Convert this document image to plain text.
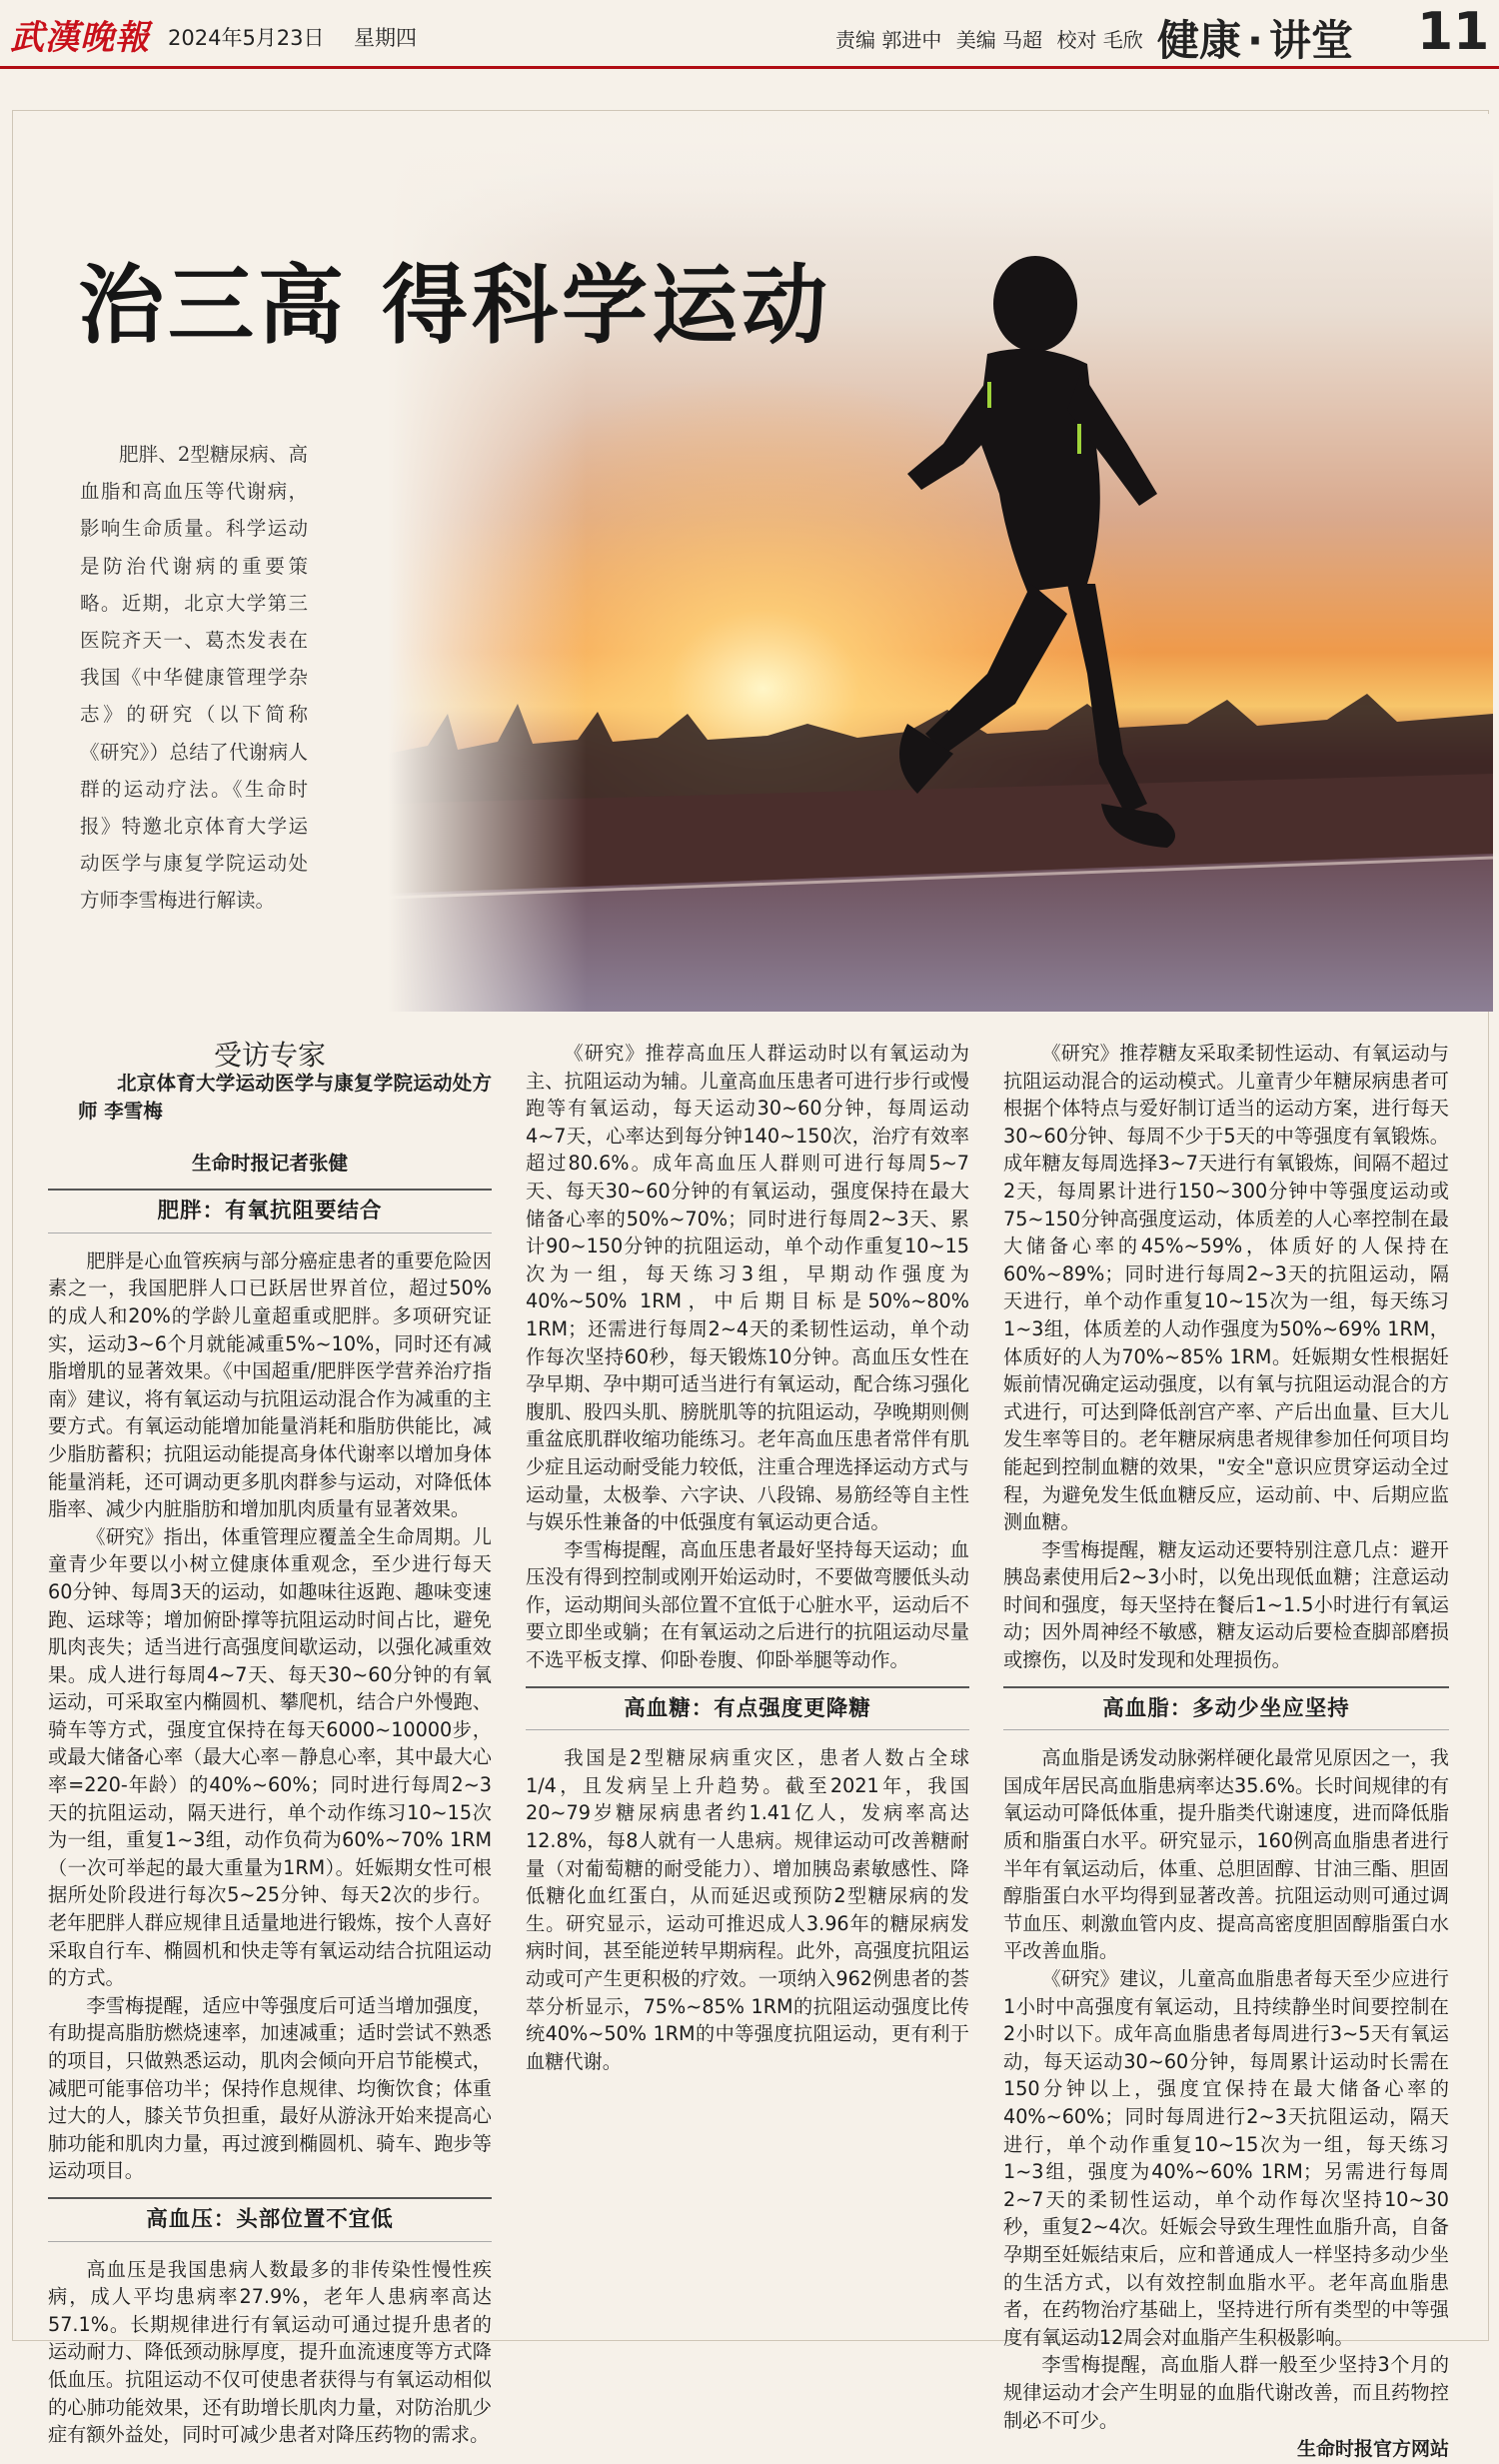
武漢晚報 2024年5月23日 星期四	责编 郭进中 美编 马超 校对 毛欣 健康 · 讲堂 11
治三高 得科学运动
肥胖、2型糖尿病、高血脂和高血压等代谢病，影响生命质量。科学运动是防治代谢病的重要策略。近期，北京大学第三医院齐天一、葛杰发表在我国《中华健康管理学杂志》的研究（以下简称《研究》）总结了代谢病人群的运动疗法。《生命时报》特邀北京体育大学运动医学与康复学院运动处方师李雪梅进行解读。
受访专家

北京体育大学运动医学与康复学院运动处方师 李雪梅

生命时报记者张健
肥胖：有氧抗阻要结合

肥胖是心血管疾病与部分癌症患者的重要危险因素之一，我国肥胖人口已跃居世界首位，超过50%的成人和20%的学龄儿童超重或肥胖。多项研究证实，运动3~6个月就能减重5%~10%，同时还有减脂增肌的显著效果。《中国超重/肥胖医学营养治疗指南》建议，将有氧运动与抗阻运动混合作为减重的主要方式。有氧运动能增加能量消耗和脂肪供能比，减少脂肪蓄积；抗阻运动能提高身体代谢率以增加身体能量消耗，还可调动更多肌肉群参与运动，对降低体脂率、减少内脏脂肪和增加肌肉质量有显著效果。

《研究》指出，体重管理应覆盖全生命周期。儿童青少年要以小树立健康体重观念，至少进行每天60分钟、每周3天的运动，如趣味往返跑、趣味变速跑、运球等；增加俯卧撑等抗阻运动时间占比，避免肌肉丧失；适当进行高强度间歇运动，以强化减重效果。成人进行每周4~7天、每天30~60分钟的有氧运动，可采取室内椭圆机、攀爬机，结合户外慢跑、骑车等方式，强度宜保持在每天6000~10000步，或最大储备心率（最大心率－静息心率，其中最大心率=220-年龄）的40%~60%；同时进行每周2~3天的抗阻运动，隔天进行，单个动作练习10~15次为一组，重复1~3组，动作负荷为60%~70% 1RM（一次可举起的最大重量为1RM）。妊娠期女性可根据所处阶段进行每次5~25分钟、每天2次的步行。老年肥胖人群应规律且适量地进行锻炼，按个人喜好采取自行车、椭圆机和快走等有氧运动结合抗阻运动的方式。

李雪梅提醒，适应中等强度后可适当增加强度，有助提高脂肪燃烧速率，加速减重；适时尝试不熟悉的项目，只做熟悉运动，肌肉会倾向开启节能模式，减肥可能事倍功半；保持作息规律、均衡饮食；体重过大的人，膝关节负担重，最好从游泳开始来提高心肺功能和肌肉力量，再过渡到椭圆机、骑车、跑步等运动项目。

高血压：头部位置不宜低

高血压是我国患病人数最多的非传染性慢性疾病，成人平均患病率27.9%，老年人患病率高达57.1%。长期规律进行有氧运动可通过提升患者的运动耐力、降低颈动脉厚度，提升血流速度等方式降低血压。抗阻运动不仅可使患者获得与有氧运动相似的心肺功能效果，还有助增长肌肉力量，对防治肌少症有额外益处，同时可减少患者对降压药物的需求。

《研究》推荐高血压人群运动时以有氧运动为主、抗阻运动为辅。儿童高血压患者可进行步行或慢跑等有氧运动，每天运动30~60分钟，每周运动4~7天，心率达到每分钟140~150次，治疗有效率超过80.6%。成年高血压人群则可进行每周5~7天、每天30~60分钟的有氧运动，强度保持在最大储备心率的50%~70%；同时进行每周2~3天、累计90~150分钟的抗阻运动，单个动作重复10~15次为一组，每天练习3组，早期动作强度为40%~50% 1RM，中后期目标是50%~80% 1RM；还需进行每周2~4天的柔韧性运动，单个动作每次坚持60秒，每天锻炼10分钟。高血压女性在孕早期、孕中期可适当进行有氧运动，配合练习强化腹肌、股四头肌、膀胱肌等的抗阻运动，孕晚期则侧重盆底肌群收缩功能练习。老年高血压患者常伴有肌少症且运动耐受能力较低，注重合理选择运动方式与运动量，太极拳、六字诀、八段锦、易筋经等自主性与娱乐性兼备的中低强度有氧运动更合适。

李雪梅提醒，高血压患者最好坚持每天运动；血压没有得到控制或刚开始运动时，不要做弯腰低头动作，运动期间头部位置不宜低于心脏水平，运动后不要立即坐或躺；在有氧运动之后进行的抗阻运动尽量不选平板支撑、仰卧卷腹、仰卧举腿等动作。

高血糖：有点强度更降糖

我国是2型糖尿病重灾区，患者人数占全球1/4，且发病呈上升趋势。截至2021年，我国20~79岁糖尿病患者约1.41亿人，发病率高达12.8%，每8人就有一人患病。规律运动可改善糖耐量（对葡萄糖的耐受能力）、增加胰岛素敏感性、降低糖化血红蛋白，从而延迟或预防2型糖尿病的发生。研究显示，运动可推迟成人3.96年的糖尿病发病时间，甚至能逆转早期病程。此外，高强度抗阻运动或可产生更积极的疗效。一项纳入962例患者的荟萃分析显示，75%~85% 1RM的抗阻运动强度比传统40%~50% 1RM的中等强度抗阻运动，更有利于血糖代谢。

《研究》推荐糖友采取柔韧性运动、有氧运动与抗阻运动混合的运动模式。儿童青少年糖尿病患者可根据个体特点与爱好制订适当的运动方案，进行每天30~60分钟、每周不少于5天的中等强度有氧锻炼。成年糖友每周选择3~7天进行有氧锻炼，间隔不超过2天，每周累计进行150~300分钟中等强度运动或75~150分钟高强度运动，体质差的人心率控制在最大储备心率的45%~59%，体质好的人保持在60%~89%；同时进行每周2~3天的抗阻运动，隔天进行，单个动作重复10~15次为一组，每天练习1~3组，体质差的人动作强度为50%~69% 1RM，体质好的人为70%~85% 1RM。妊娠期女性根据妊娠前情况确定运动强度，以有氧与抗阻运动混合的方式进行，可达到降低剖宫产率、产后出血量、巨大儿发生率等目的。老年糖尿病患者规律参加任何项目均能起到控制血糖的效果，"安全"意识应贯穿运动全过程，为避免发生低血糖反应，运动前、中、后期应监测血糖。

李雪梅提醒，糖友运动还要特别注意几点：避开胰岛素使用后2~3小时，以免出现低血糖；注意运动时间和强度，每天坚持在餐后1~1.5小时进行有氧运动；因外周神经不敏感，糖友运动后要检查脚部磨损或擦伤，以及时发现和处理损伤。

高血脂：多动少坐应坚持

高血脂是诱发动脉粥样硬化最常见原因之一，我国成年居民高血脂患病率达35.6%。长时间规律的有氧运动可降低体重，提升脂类代谢速度，进而降低脂质和脂蛋白水平。研究显示，160例高血脂患者进行半年有氧运动后，体重、总胆固醇、甘油三酯、胆固醇脂蛋白水平均得到显著改善。抗阻运动则可通过调节血压、刺激血管内皮、提高高密度胆固醇脂蛋白水平改善血脂。

《研究》建议，儿童高血脂患者每天至少应进行1小时中高强度有氧运动，且持续静坐时间要控制在2小时以下。成年高血脂患者每周进行3~5天有氧运动，每天运动30~60分钟，每周累计运动时长需在150分钟以上，强度宜保持在最大储备心率的40%~60%；同时每周进行2~3天抗阻运动，隔天进行，单个动作重复10~15次为一组，每天练习1~3组，强度为40%~60% 1RM；另需进行每周2~7天的柔韧性运动，单个动作每次坚持10~30秒，重复2~4次。妊娠会导致生理性血脂升高，自备孕期至妊娠结束后，应和普通成人一样坚持多动少坐的生活方式，以有效控制血脂水平。老年高血脂患者，在药物治疗基础上，坚持进行所有类型的中等强度有氧运动12周会对血脂产生积极影响。

李雪梅提醒，高血脂人群一般至少坚持3个月的规律运动才会产生明显的血脂代谢改善，而且药物控制必不可少。

生命时报官方网站
